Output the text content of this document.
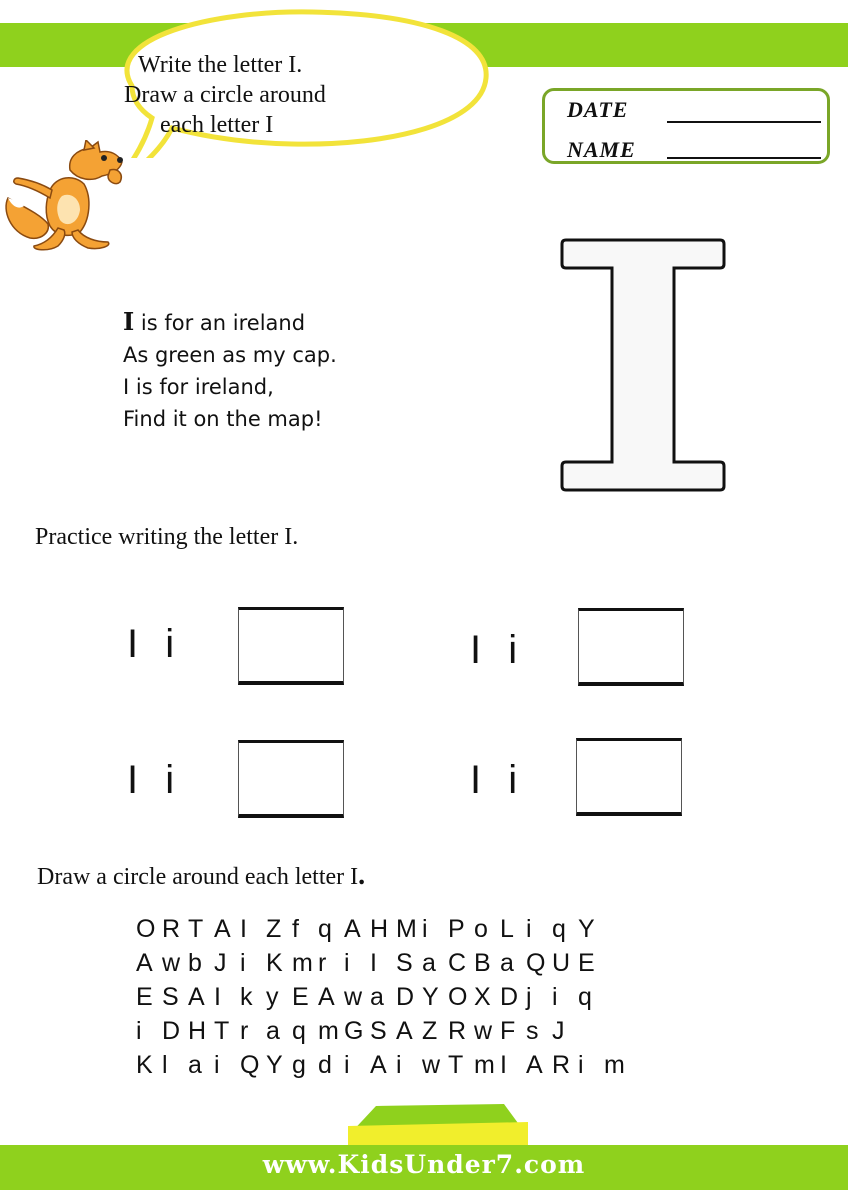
Write the letter I.
Draw a circle around
each letter I
DATE
NAME
I is for an ireland
As green as my cap.
I is for ireland,
Find it on the map!
Practice writing the letter I.
I i	I i
I i	I i
Draw a circle around each letter I.
O R T A I Z f q A H M i P o L i q Y
A w b J i K m r i I S a C B a Q U E
E S A I k y E A w a D Y O X D j i q
i D H T r a q m G S A Z R w F s J
K l a i Q Y g d i A i w T m I A R i m
www.KidsUnder7.com
